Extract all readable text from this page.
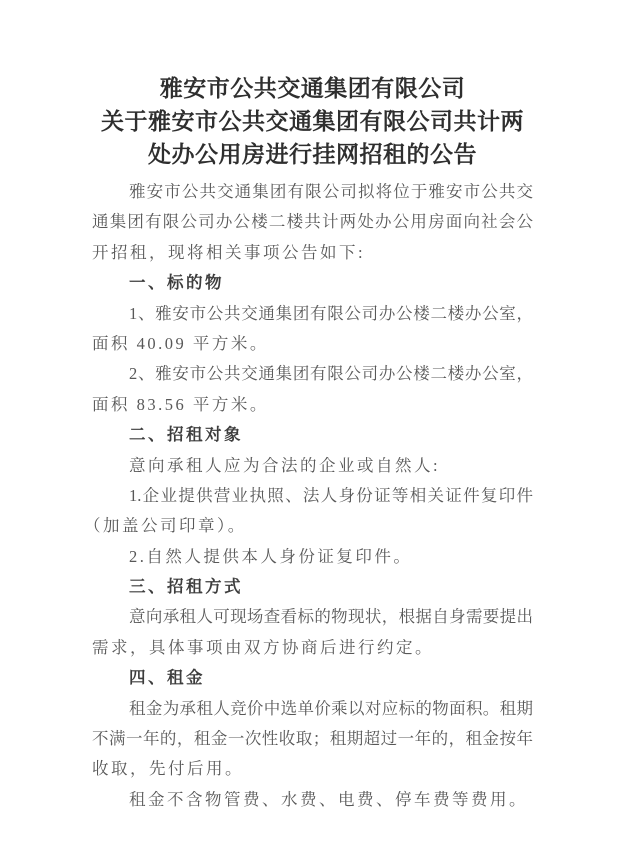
雅安市公共交通集团有限公司
关于雅安市公共交通集团有限公司共计两
处办公用房进行挂网招租的公告
雅安市公共交通集团有限公司拟将位于雅安市公共交
通集团有限公司办公楼二楼共计两处办公用房面向社会公
开招租，现将相关事项公告如下:
一、标的物
1、雅安市公共交通集团有限公司办公楼二楼办公室，
面积 40.09 平方米。
2、雅安市公共交通集团有限公司办公楼二楼办公室，
面积 83.56 平方米。
二、招租对象
意向承租人应为合法的企业或自然人:
1.企业提供营业执照、法人身份证等相关证件复印件
（加盖公司印章）。
2.自然人提供本人身份证复印件。
三、招租方式
意向承租人可现场查看标的物现状，根据自身需要提出
需求，具体事项由双方协商后进行约定。
四、租金
租金为承租人竞价中选单价乘以对应标的物面积。租期
不满一年的，租金一次性收取；租期超过一年的，租金按年
收取，先付后用。
租金不含物管费、水费、电费、停车费等费用。
